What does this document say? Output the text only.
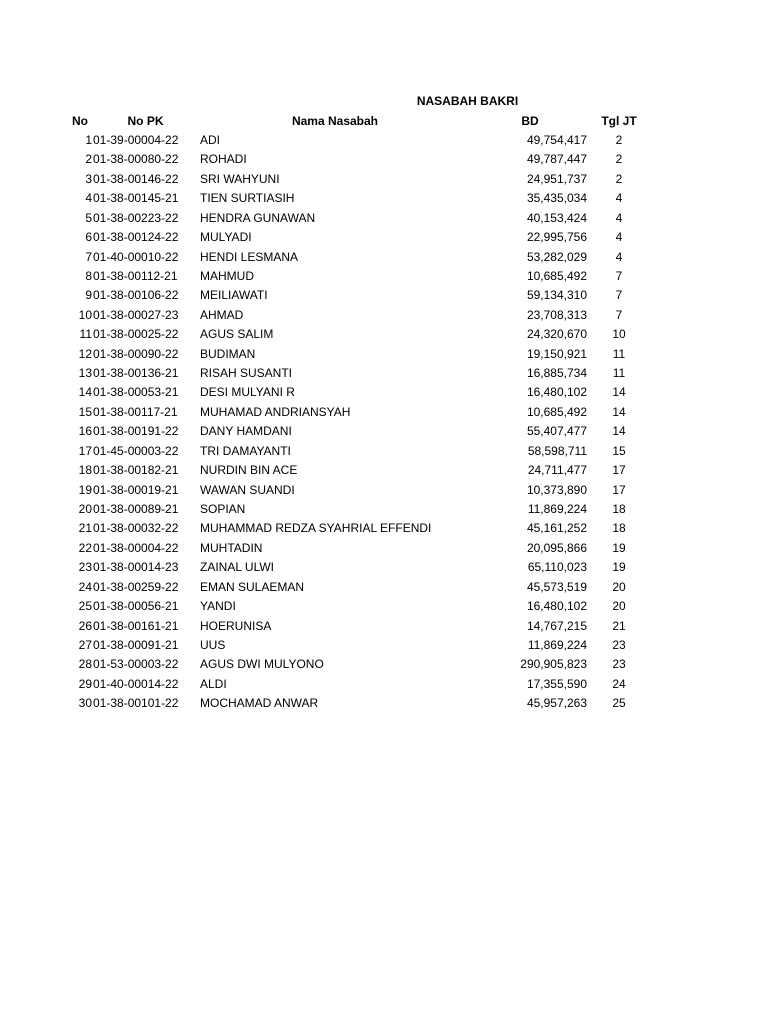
NASABAH BAKRI
No	No PK	Nama Nasabah	BD	Tgl JT
1 01-39-00004-22	ADI	49,754,417	2
2 01-38-00080-22	ROHADI	49,787,447	2
3 01-38-00146-22	SRI WAHYUNI	24,951,737	2
4 01-38-00145-21	TIEN SURTIASIH	35,435,034	4
5 01-38-00223-22	HENDRA GUNAWAN	40,153,424	4
6 01-38-00124-22	MULYADI	22,995,756	4
7 01-40-00010-22	HENDI LESMANA	53,282,029	4
8 01-38-00112-21	MAHMUD	10,685,492	7
9 01-38-00106-22	MEILIAWATI	59,134,310	7
10 01-38-00027-23	AHMAD	23,708,313	7
11 01-38-00025-22	AGUS SALIM	24,320,670	10
12 01-38-00090-22	BUDIMAN	19,150,921	11
13 01-38-00136-21	RISAH SUSANTI	16,885,734	11
14 01-38-00053-21	DESI MULYANI R	16,480,102	14
15 01-38-00117-21	MUHAMAD ANDRIANSYAH	10,685,492	14
16 01-38-00191-22	DANY HAMDANI	55,407,477	14
17 01-45-00003-22	TRI DAMAYANTI	58,598,711	15
18 01-38-00182-21	NURDIN BIN ACE	24,711,477	17
19 01-38-00019-21	WAWAN SUANDI	10,373,890	17
20 01-38-00089-21	SOPIAN	11,869,224	18
21 01-38-00032-22	MUHAMMAD REDZA SYAHRIAL EFFENDI	45,161,252	18
22 01-38-00004-22	MUHTADIN	20,095,866	19
23 01-38-00014-23	ZAINAL ULWI	65,110,023	19
24 01-38-00259-22	EMAN SULAEMAN	45,573,519	20
25 01-38-00056-21	YANDI	16,480,102	20
26 01-38-00161-21	HOERUNISA	14,767,215	21
27 01-38-00091-21	UUS	11,869,224	23
28 01-53-00003-22	AGUS DWI MULYONO	290,905,823	23
29 01-40-00014-22	ALDI	17,355,590	24
30 01-38-00101-22	MOCHAMAD ANWAR	45,957,263	25
